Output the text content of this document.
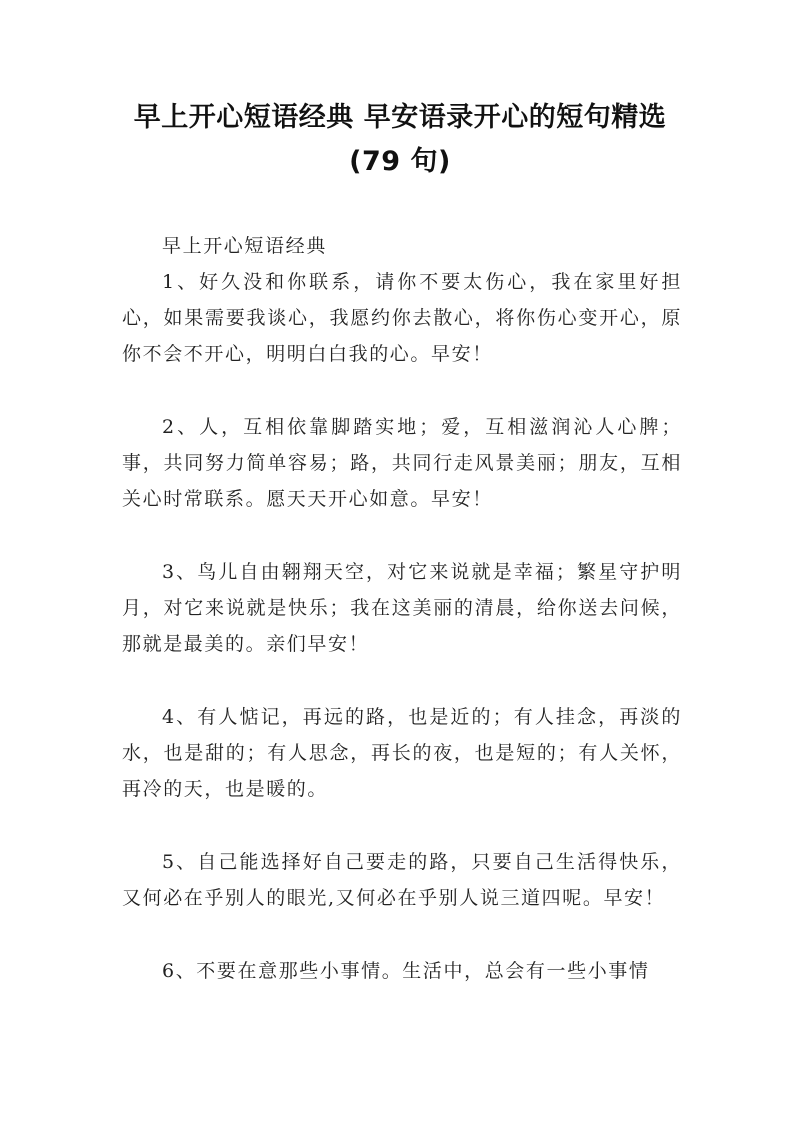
早上开心短语经典 早安语录开心的短句精选(79 句)

早上开心短语经典

1、好久没和你联系，请你不要太伤心，我在家里好担心，如果需要我谈心，我愿约你去散心，将你伤心变开心，原你不会不开心，明明白白我的心。早安！

2、人，互相依靠脚踏实地；爱，互相滋润沁人心脾；事，共同努力简单容易；路，共同行走风景美丽；朋友，互相关心时常联系。愿天天开心如意。早安！

3、鸟儿自由翱翔天空，对它来说就是幸福；繁星守护明月，对它来说就是快乐；我在这美丽的清晨，给你送去问候，那就是最美的。亲们早安！

4、有人惦记，再远的路，也是近的；有人挂念，再淡的水，也是甜的；有人思念，再长的夜，也是短的；有人关怀，再冷的天，也是暖的。

5、自己能选择好自己要走的路，只要自己生活得快乐，又何必在乎别人的眼光,又何必在乎别人说三道四呢。早安！

6、不要在意那些小事情。生活中，总会有一些小事情
